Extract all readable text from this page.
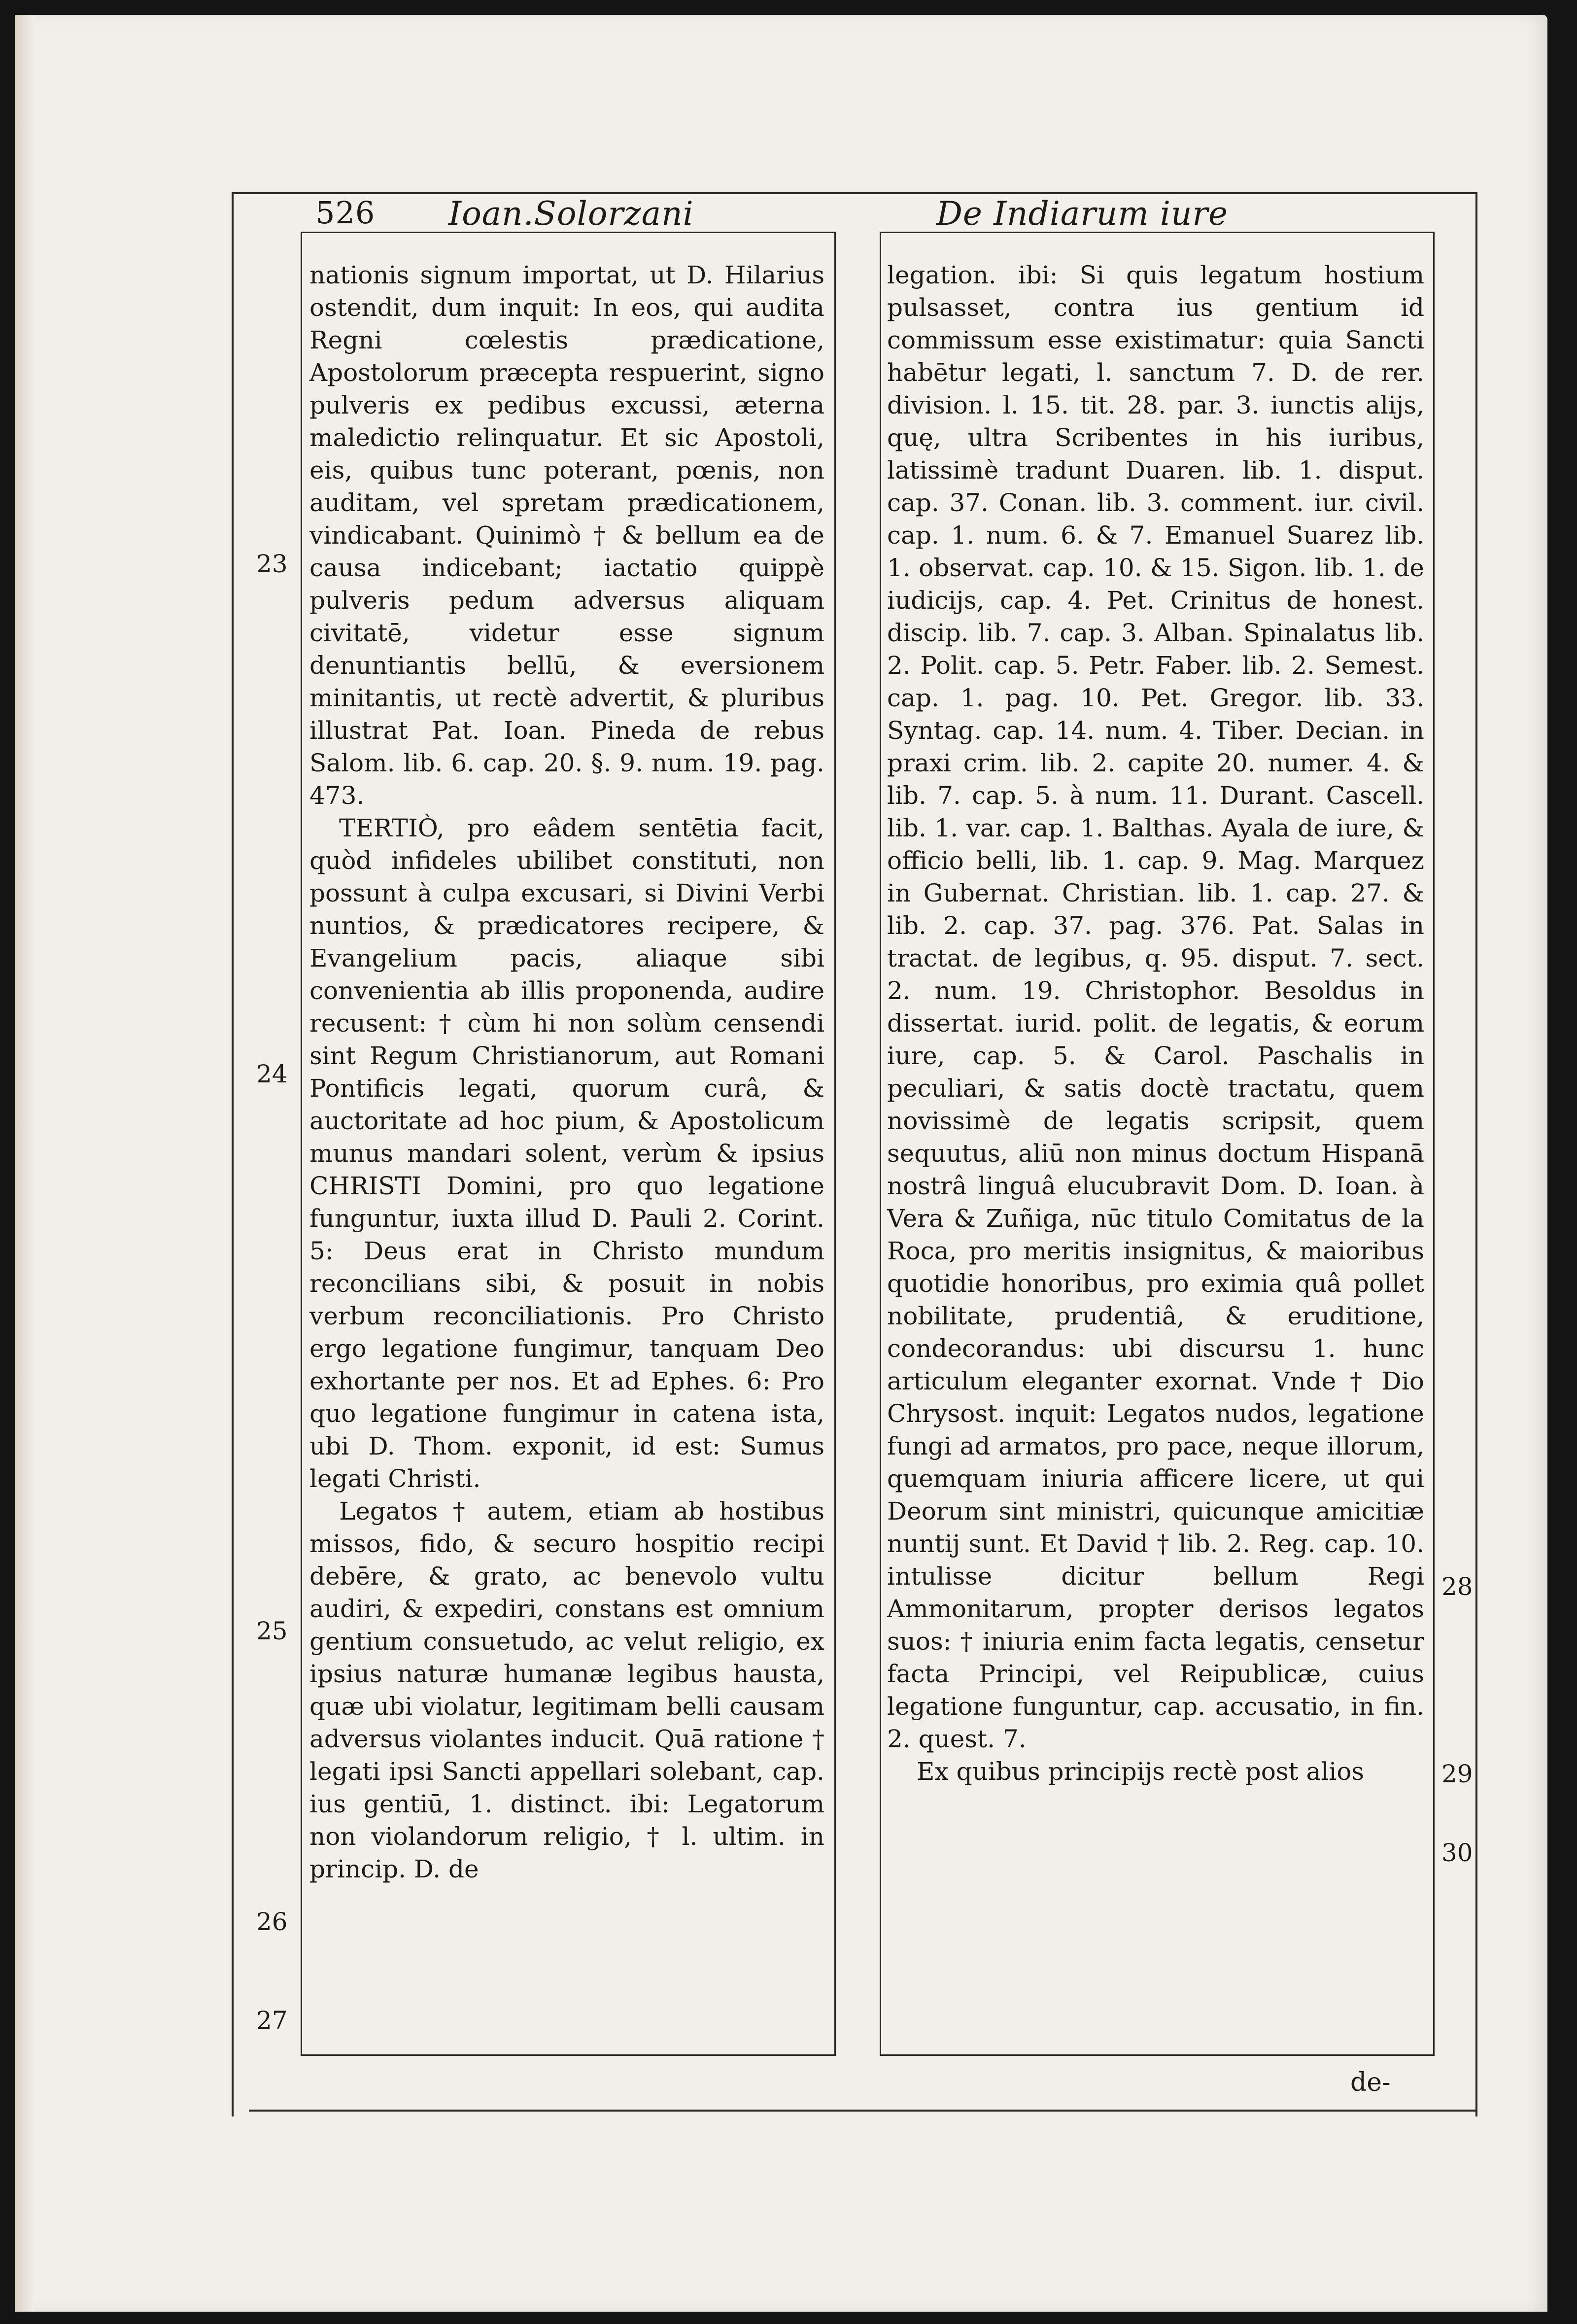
526 Ioan.Solorzani	De Indiarum iure

nationis signum importat, ut D. Hilarius ostendit, dum inquit: In eos, qui audita Regni cœlestis prædicatione, Apostolorum præcepta respuerint, signo pulveris ex pedibus excussi, æterna maledictio relinquatur. Et sic Apostoli, eis, quibus tunc poterant, pœnis, non auditam, vel spretam prædicationem, vindicabant. Quinimò † & bellum ea de causa indicebant; iactatio quippè pulveris pedum adversus aliquam civitatē, videtur esse signum denuntiantis bellū, & eversionem minitantis, ut rectè advertit, & pluribus illustrat Pat. Ioan. Pineda de rebus Salom. lib. 6. cap. 20. §. 9. num. 19. pag. 473.

TERTIÒ, pro eâdem sentētia facit, quòd infideles ubilibet constituti, non possunt à culpa excusari, si Divini Verbi nuntios, & prædicatores recipere, & Evangelium pacis, aliaque sibi convenientia ab illis proponenda, audire recusent: † cùm hi non solùm censendi sint Regum Christianorum, aut Romani Pontificis legati, quorum curâ, & auctoritate ad hoc pium, & Apostolicum munus mandari solent, verùm & ipsius CHRISTI Domini, pro quo legatione funguntur, iuxta illud D. Pauli 2. Corint. 5: Deus erat in Christo mundum reconcilians sibi, & posuit in nobis verbum reconciliationis. Pro Christo ergo legatione fungimur, tanquam Deo exhortante per nos. Et ad Ephes. 6: Pro quo legatione fungimur in catena ista, ubi D. Thom. exponit, id est: Sumus legati Christi.

Legatos † autem, etiam ab hostibus missos, fido, & securo hospitio recipi debēre, & grato, ac benevolo vultu audiri, & expediri, constans est omnium gentium consuetudo, ac velut religio, ex ipsius naturæ humanæ legibus hausta, quæ ubi violatur, legitimam belli causam adversus violantes inducit. Quā ratione † legati ipsi Sancti appellari solebant, cap. ius gentiū, 1. distinct. ibi: Legatorum non violandorum religio, † l. ultim. in princip. D. de

legation. ibi: Si quis legatum hostium pulsasset, contra ius gentium id commissum esse existimatur: quia Sancti habētur legati, l. sanctum 7. D. de rer. division. l. 15. tit. 28. par. 3. iunctis alijs, quę, ultra Scribentes in his iuribus, latissimè tradunt Duaren. lib. 1. disput. cap. 37. Conan. lib. 3. comment. iur. civil. cap. 1. num. 6. & 7. Emanuel Suarez lib. 1. observat. cap. 10. & 15. Sigon. lib. 1. de iudicijs, cap. 4. Pet. Crinitus de honest. discip. lib. 7. cap. 3. Alban. Spinalatus lib. 2. Polit. cap. 5. Petr. Faber. lib. 2. Semest. cap. 1. pag. 10. Pet. Gregor. lib. 33. Syntag. cap. 14. num. 4. Tiber. Decian. in praxi crim. lib. 2. capite 20. numer. 4. & lib. 7. cap. 5. à num. 11. Durant. Cascell. lib. 1. var. cap. 1. Balthas. Ayala de iure, & officio belli, lib. 1. cap. 9. Mag. Marquez in Gubernat. Christian. lib. 1. cap. 27. & lib. 2. cap. 37. pag. 376. Pat. Salas in tractat. de legibus, q. 95. disput. 7. sect. 2. num. 19. Christophor. Besoldus in dissertat. iurid. polit. de legatis, & eorum iure, cap. 5. & Carol. Paschalis in peculiari, & satis doctè tractatu, quem novissimè de legatis scripsit, quem sequutus, aliū non minus doctum Hispanā nostrâ linguâ elucubravit Dom. D. Ioan. à Vera & Zuñiga, nūc titulo Comitatus de la Roca, pro meritis insignitus, & maioribus quotidie honoribus, pro eximia quâ pollet nobilitate, prudentiâ, & eruditione, condecorandus: ubi discursu 1. hunc articulum eleganter exornat. Vnde † Dio Chrysost. inquit: Legatos nudos, legatione fungi ad armatos, pro pace, neque illorum, quemquam iniuria afficere licere, ut qui Deorum sint ministri, quicunque amicitiæ nuntij sunt. Et David † lib. 2. Reg. cap. 10. intulisse dicitur bellum Regi Ammonitarum, propter derisos legatos suos: † iniuria enim facta legatis, censetur facta Principi, vel Reipublicæ, cuius legatione funguntur, cap. accusatio, in fin. 2. quest. 7.

Ex quibus principijs rectè post alios

23
24
25
26
27
28
29
30
de-
